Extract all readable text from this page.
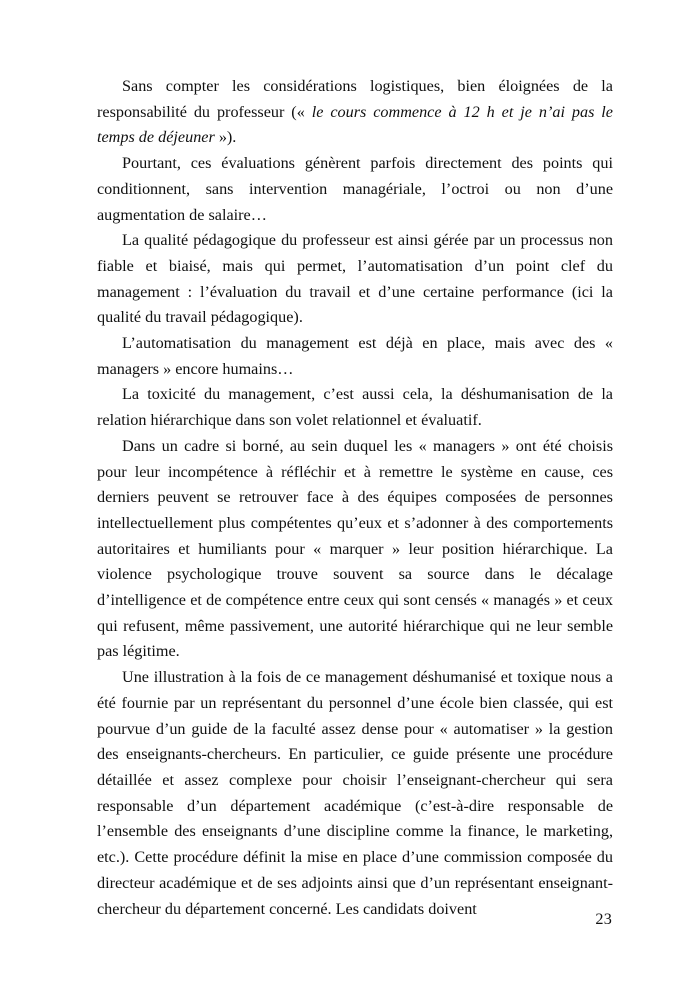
Sans compter les considérations logistiques, bien éloignées de la responsabilité du professeur (« le cours commence à 12 h et je n’ai pas le temps de déjeuner »).

Pourtant, ces évaluations génèrent parfois directement des points qui conditionnent, sans intervention managériale, l’octroi ou non d’une augmentation de salaire…

La qualité pédagogique du professeur est ainsi gérée par un processus non fiable et biaisé, mais qui permet, l’automatisation d’un point clef du management : l’évaluation du travail et d’une certaine performance (ici la qualité du travail pédagogique).

L’automatisation du management est déjà en place, mais avec des « managers » encore humains…

La toxicité du management, c’est aussi cela, la déshumanisation de la relation hiérarchique dans son volet relationnel et évaluatif.

Dans un cadre si borné, au sein duquel les « managers » ont été choisis pour leur incompétence à réfléchir et à remettre le système en cause, ces derniers peuvent se retrouver face à des équipes composées de personnes intellectuellement plus compétentes qu’eux et s’adonner à des comportements autoritaires et humiliants pour « marquer » leur position hiérarchique. La violence psychologique trouve souvent sa source dans le décalage d’intelligence et de compétence entre ceux qui sont censés « managés » et ceux qui refusent, même passivement, une autorité hiérarchique qui ne leur semble pas légitime.

Une illustration à la fois de ce management déshumanisé et toxique nous a été fournie par un représentant du personnel d’une école bien classée, qui est pourvue d’un guide de la faculté assez dense pour « automatiser » la gestion des enseignants-chercheurs. En particulier, ce guide présente une procédure détaillée et assez complexe pour choisir l’enseignant-chercheur qui sera responsable d’un département académique (c’est-à-dire responsable de l’ensemble des enseignants d’une discipline comme la finance, le marketing, etc.). Cette procédure définit la mise en place d’une commission composée du directeur académique et de ses adjoints ainsi que d’un représentant enseignant-chercheur du département concerné. Les candidats doivent

23
